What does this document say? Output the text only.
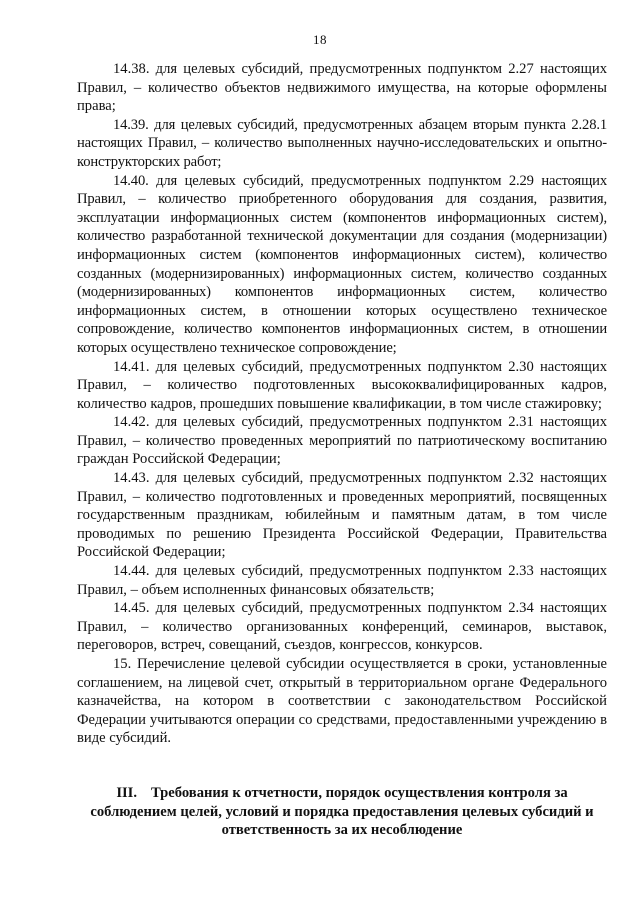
18

14.38. для целевых субсидий, предусмотренных подпунктом 2.27 настоящих Правил, – количество объектов недвижимого имущества, на которые оформлены права;

14.39. для целевых субсидий, предусмотренных абзацем вторым пункта 2.28.1 настоящих Правил, – количество выполненных научно-исследовательских и опытно-конструкторских работ;

14.40. для целевых субсидий, предусмотренных подпунктом 2.29 настоящих Правил, – количество приобретенного оборудования для создания, развития, эксплуатации информационных систем (компонентов информационных систем), количество разработанной технической документации для создания (модернизации) информационных систем (компонентов информационных систем), количество созданных (модернизированных) информационных систем, количество созданных (модернизированных) компонентов информационных систем, количество информационных систем, в отношении которых осуществлено техническое сопровождение, количество компонентов информационных систем, в отношении которых осуществлено техническое сопровождение;

14.41. для целевых субсидий, предусмотренных подпунктом 2.30 настоящих Правил, – количество подготовленных высококвалифицированных кадров, количество кадров, прошедших повышение квалификации, в том числе стажировку;

14.42. для целевых субсидий, предусмотренных подпунктом 2.31 настоящих Правил, – количество проведенных мероприятий по патриотическому воспитанию граждан Российской Федерации;

14.43. для целевых субсидий, предусмотренных подпунктом 2.32 настоящих Правил, – количество подготовленных и проведенных мероприятий, посвященных государственным праздникам, юбилейным и памятным датам, в том числе проводимых по решению Президента Российской Федерации, Правительства Российской Федерации;

14.44. для целевых субсидий, предусмотренных подпунктом 2.33 настоящих Правил, – объем исполненных финансовых обязательств;

14.45. для целевых субсидий, предусмотренных подпунктом 2.34 настоящих Правил, – количество организованных конференций, семинаров, выставок, переговоров, встреч, совещаний, съездов, конгрессов, конкурсов.

15. Перечисление целевой субсидии осуществляется в сроки, установленные соглашением, на лицевой счет, открытый в территориальном органе Федерального казначейства, на котором в соответствии с законодательством Российской Федерации учитываются операции со средствами, предоставленными учреждению в виде субсидий.

III. Требования к отчетности, порядок осуществления контроля за соблюдением целей, условий и порядка предоставления целевых субсидий и ответственность за их несоблюдение
